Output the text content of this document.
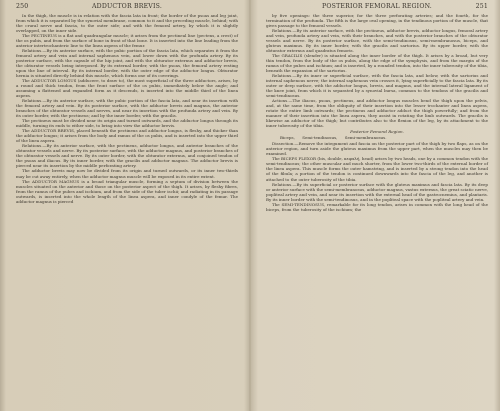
250	ADDUCTOR BREVIS.

In the thigh, the muscle is in relation with the fascia lata in front; the border of the psoas and leg joint, from which it is separated by the synovial membrane, common to it and the preceding muscle, behind; with the crural nerve and fascia, to the outer side; and with the femoral artery, by which it is slightly overlapped, on the inner side.

The PECTINEUS is a flat and quadrangular muscle; it arises from the pectineal line (pectens, a crest) of the os pubis, and from the surface of bone in front of that bone. It is inserted into the line leading from the anterior intertrochanteric line to the linea aspera of the femur.

Relations.—By its anterior surface, with the pubic portion of the fascia lata, which separates it from the femoral artery and vein and internal saphenous vein, and lower down with the profunda artery. By its posterior surface, with the capsule of the hip joint, and with the obturator externus and adductor brevis, the obturator vessels being interposed. By its external border, with the psoas, the femoral artery resting upon the line of interval. By its internal border, with the outer edge of the adductor longus. Obturator hernia is situated directly behind this muscle, which forms one of its coverings.

The ADDUCTOR LONGUS (adducere, to draw to), the most superficial of the three adductors, arises, by a round and thick tendon, from the front surface of the os pubis, immediately below the angle; and assuming a flattened and expanded form as it descends, is inserted into the middle third of the linea aspera.

Relations.—By its anterior surface, with the pubic portion of the fascia lata, and near its insertion with the femoral artery and vein. By its posterior surface, with the adductor brevis and magnus, the anterior branches of the obturator vessels and nerves, and near its insertion with the profunda artery and vein. By its outer border, with the pectineus; and by the inner border, with the gracilis.

The pectineus must be divided near its origin and turned outwards, and the adductor longus through its middle, turning its ends to either side, to bring into view the adductor brevis.

The ADDUCTOR BREVIS, placed beneath the pectineus and adductor longus, is fleshy, and thicker than the adductor longus; it arises from the body and ramus of the os pubis, and is inserted into the upper third of the linea aspera.

Relations.—By its anterior surface, with the pectineus, adductor longus, and anterior branches of the obturator vessels and nerve. By its posterior surface, with the adductor magnus, and posterior branches of the obturator vessels and nerve. By its outer border, with the obturator externus, and conjoined tendon of the psoas and iliacus. By its inner border, with the gracilis and adductor magnus. The adductor brevis is pierced near its insertion by the middle perforating artery.

The adductor brevis may now be divided from its origin and turned outwards, or its inner two-thirds may be cut away entirely, when the adductor magnus muscle will be exposed in its entire extent.

The ADDUCTOR MAGNUS is a broad triangular muscle, forming a septum of division between the muscles situated on the anterior and those on the posterior aspect of the thigh. It arises, by fleshy fibres, from the ramus of the pubes and ischium, and from the side of the tuber ischii; and radiating in its passage outwards, is inserted into the whole length of the linea aspera, and inner condyle of the femur. The adductor magnus is pierced

POSTERIOR FEMORAL REGION.	251

by five openings: the three superior, for the three perforating arteries; and the fourth, for the termination of the profunda. The fifth is the large oval opening, in the tendinous portion of the muscle, that gives passage to the femoral vessels.

Relations.—By its anterior surface, with the pectineus, adductor brevis, adductor longus, femoral artery and vein, profunda artery and vein, with their branches, and with the posterior branches of the obturator vessels and nerve. By its posterior surface, with the semi-tendinosus, semi-membranosus, biceps, and gluteus maximus. By its inner border, with the gracilis and sartorius. By its upper border, with the obturator externus and quadratus femoris.

The GRACILIS (slender) is situated along the inner border of the thigh. It arises by a broad, but very thin tendon, from the body of the os pubis, along the edge of the symphysis, and from the margin of the ramus of the pubes and ischium; and is inserted, by a rounded tendon, into the inner tuberosity of the tibia, beneath the expansion of the sartorius.

Relations.—By its inner or superficial surface, with the fascia lata, and below, with the sartorius and internal saphenous nerve; the internal saphenous vein crosses it, lying superficially to the fascia lata. By its outer or deep surface, with the adductor longus, brevis, and magnus, and the internal lateral ligament of the knee joint, from which it is separated by a synovial bursa, common to the tendons of the gracilis and semi-tendinosus.

Actions.—The iliacus, psoas, pectineus, and adductor longus muscles bend the thigh upon the pelvis, and, at the same time, from the obliquity of their insertion into the lesser trochanter and linea aspera, rotate the entire limb outwards; the pectineus and adductor adduct the thigh powerfully; and from the manner of their insertion into the linea aspera, they assist in rotating the limb outwards. The gracilis is likewise an adductor of the thigh; but contributes also to the flexion of the leg, by its attachment to the inner tuberosity of the tibia.

Posterior Femoral Region.

Biceps, Semi-tendinosus, Semi-membranosus.

Dissection.—Remove the integument and fascia on the posterior part of the thigh by two flaps, as on the anterior region, and turn aside the gluteus maximus from the upper part, when the muscles may then be examined.

The BICEPS FLEXOR (bis, double, κεφαλή, head) arises by two heads, one by a common tendon with the semi-tendinosus; the other muscular and much shorter, from the lower two-thirds of the external border of the linea aspera. This muscle forms the outer hamstring, and is inserted by a strong tendon into the head of the fibula; a portion of the tendon is continued downwards into the fascia of the leg, and another is attached to the outer tuberosity of the tibia.

Relations.—By its superficial or posterior surface with the gluteus maximus and fascia lata. By its deep or anterior surface with the semi-membranosus, adductor magnus, vastus externus, the great sciatic nerve, popliteal artery and vein, and near its insertion with the external head of the gastrocnemius, and plantaris. By its inner border with the semi-tendinosus, and in the popliteal space with the popliteal artery and vein.

The SEMI-TENDINOSUS, remarkable for its long tendon, arises in common with the long head of the biceps, from the tuberosity of the ischium; the
